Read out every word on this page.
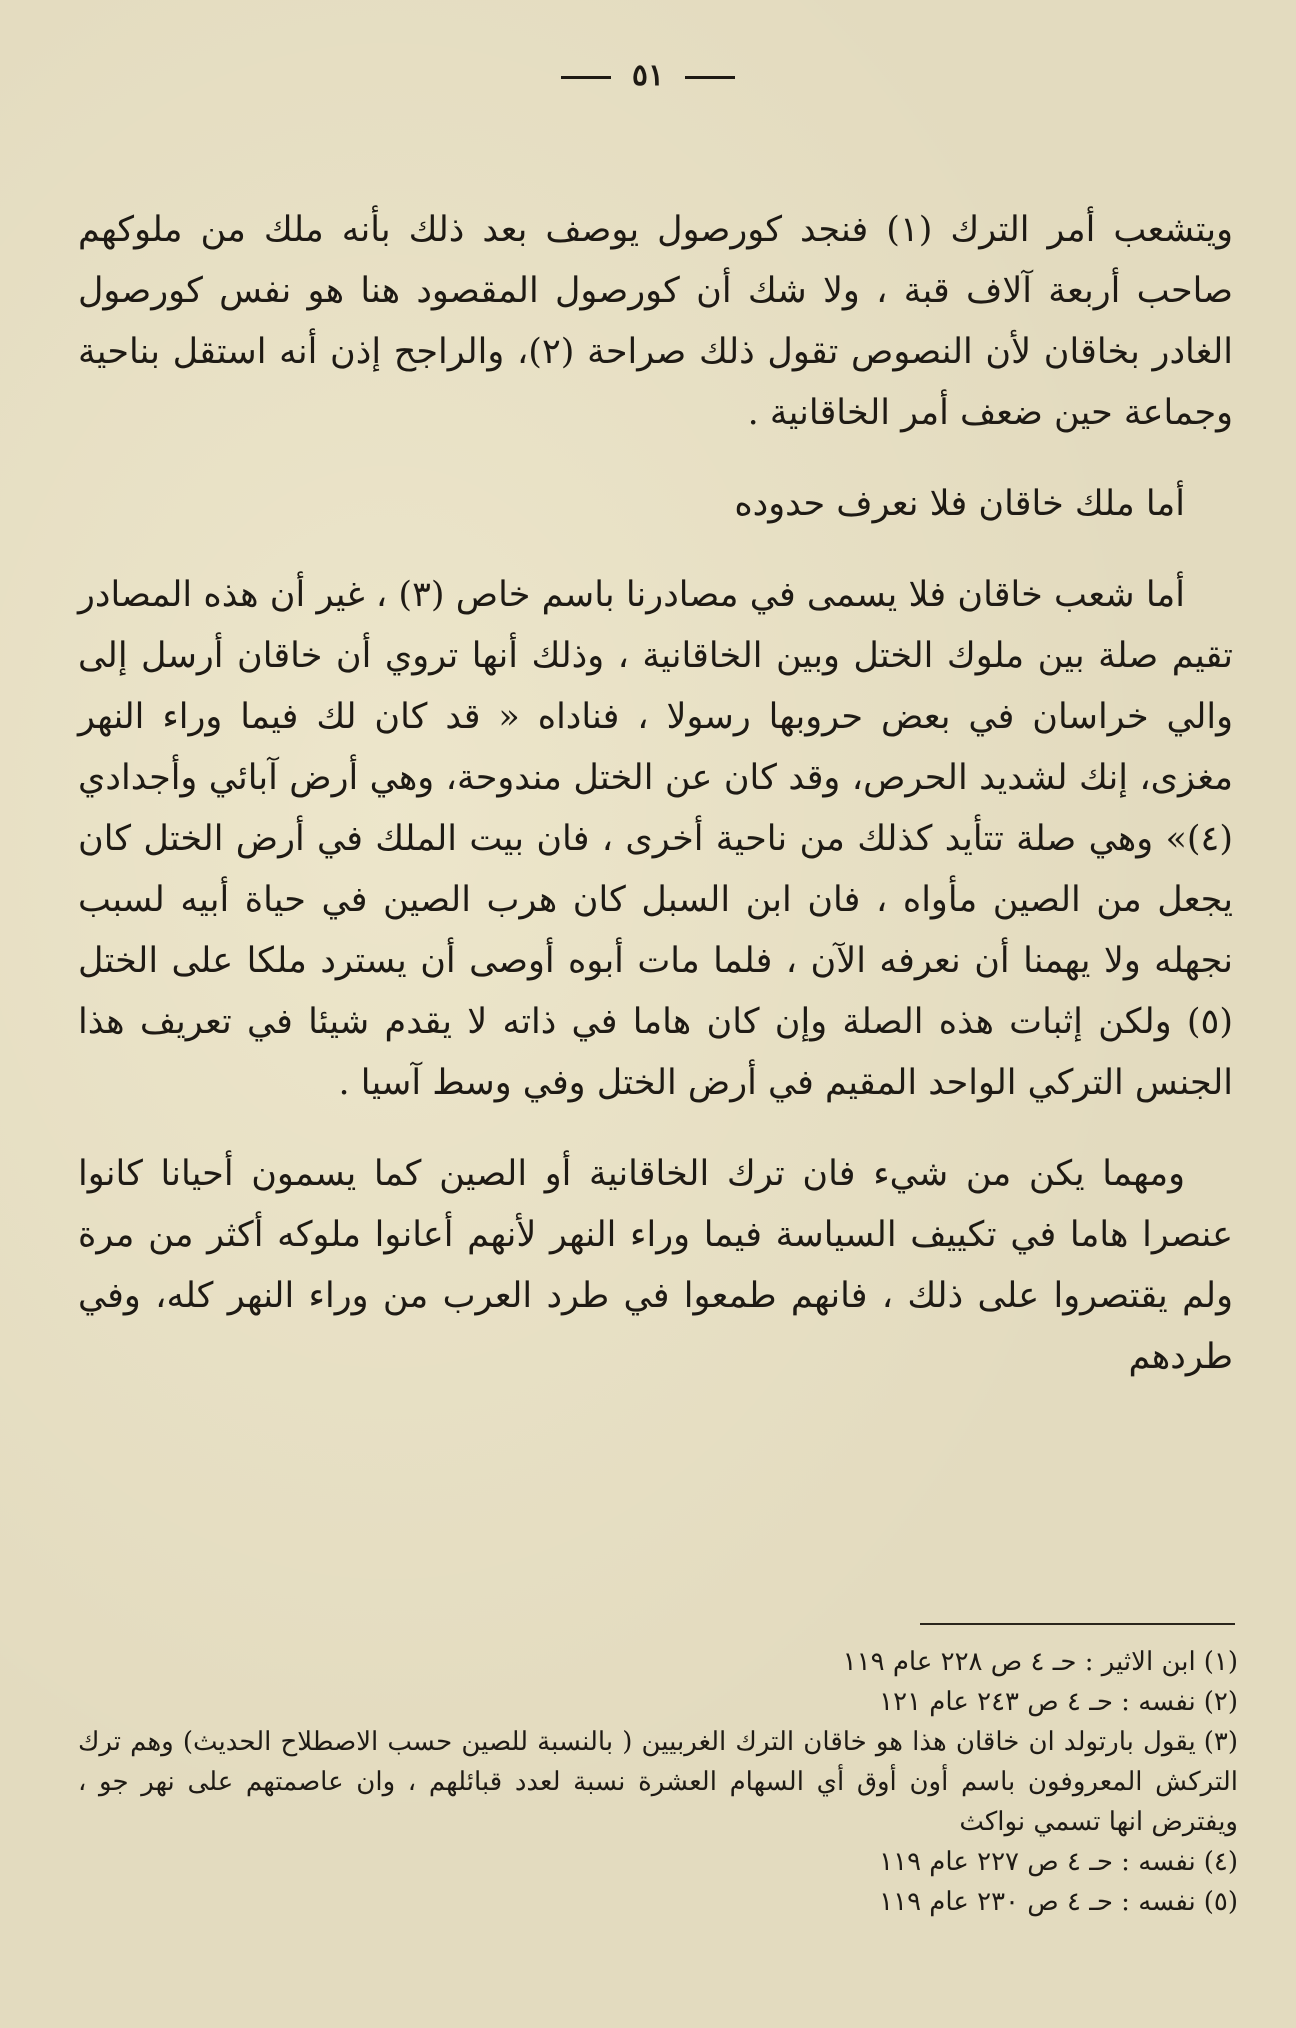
٥١

ويتشعب أمر الترك (١) فنجد كورصول يوصف بعد ذلك بأنه ملك من ملوكهم صاحب أربعة آلاف قبة ، ولا شك أن كورصول المقصود هنا هو نفس كورصول الغادر بخاقان لأن النصوص تقول ذلك صراحة (٢)، والراجح إذن أنه استقل بناحية وجماعة حين ضعف أمر الخاقانية .

أما ملك خاقان فلا نعرف حدوده

أما شعب خاقان فلا يسمى في مصادرنا باسم خاص (٣) ، غير أن هذه المصادر تقيم صلة بين ملوك الختل وبين الخاقانية ، وذلك أنها تروي أن خاقان أرسل إلى والي خراسان في بعض حروبها رسولا ، فناداه « قد كان لك فيما وراء النهر مغزى، إنك لشديد الحرص، وقد كان عن الختل مندوحة، وهي أرض آبائي وأجدادي (٤)» وهي صلة تتأيد كذلك من ناحية أخرى ، فان بيت الملك في أرض الختل كان يجعل من الصين مأواه ، فان ابن السبل كان هرب الصين في حياة أبيه لسبب نجهله ولا يهمنا أن نعرفه الآن ، فلما مات أبوه أوصى أن يسترد ملكا على الختل (٥) ولكن إثبات هذه الصلة وإن كان هاما في ذاته لا يقدم شيئا في تعريف هذا الجنس التركي الواحد المقيم في أرض الختل وفي وسط آسيا .

ومهما يكن من شيء فان ترك الخاقانية أو الصين كما يسمون أحيانا كانوا عنصرا هاما في تكييف السياسة فيما وراء النهر لأنهم أعانوا ملوكه أكثر من مرة ولم يقتصروا على ذلك ، فانهم طمعوا في طرد العرب من وراء النهر كله، وفي طردهم

(١)ابن الاثير : حـ ٤ ص ٢٢٨ عام ١١٩

(٢)نفسه : حـ ٤ ص ٢٤٣ عام ١٢١

(٣)يقول بارتولد ان خاقان هذا هو خاقان الترك الغربيين ( بالنسبة للصين حسب الاصطلاح الحديث) وهم ترك التركش المعروفون باسم أون أوق أي السهام العشرة نسبة لعدد قبائلهم ، وان عاصمتهم على نهر جو ، ويفترض انها تسمي نواكث

(٤)نفسه : حـ ٤ ص ٢٢٧ عام ١١٩

(٥)نفسه : حـ ٤ ص ٢٣٠ عام ١١٩
